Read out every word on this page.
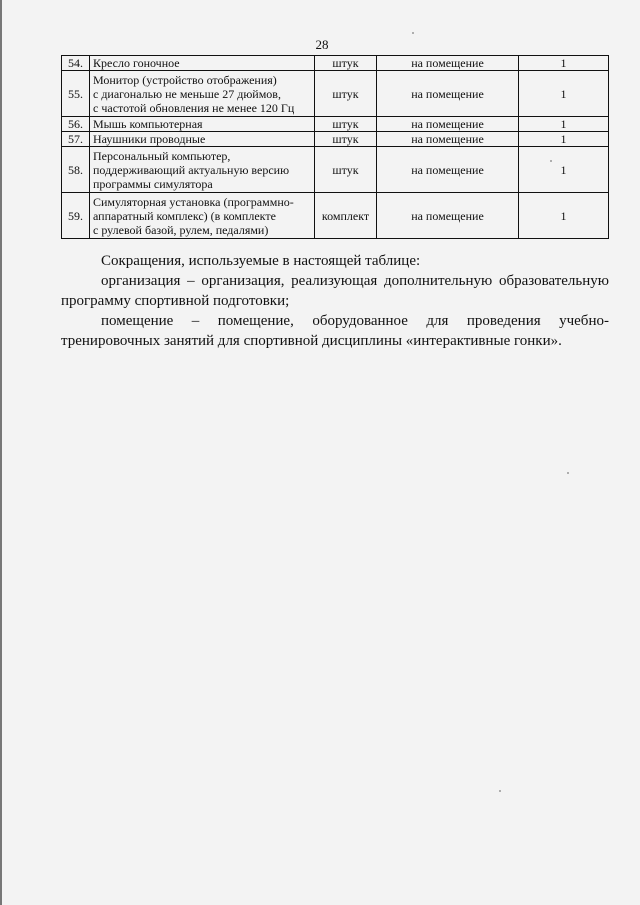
28
54.	Кресло гоночное	штук	на помещение	1
55.	Монитор (устройство отображения)
с диагональю не меньше 27 дюймов,
с частотой обновления не менее 120 Гц	штук	на помещение	1
56.	Мышь компьютерная	штук	на помещение	1
57.	Наушники проводные	штук	на помещение	1
58.	Персональный компьютер,
поддерживающий актуальную версию
программы симулятора	штук	на помещение	1
59.	Симуляторная установка (программно-
аппаратный комплекс) (в комплекте
с рулевой базой, рулем, педалями)	комплект	на помещение	1

Сокращения, используемые в настоящей таблице:

организация – организация, реализующая дополнительную образовательную программу спортивной подготовки;

помещение – помещение, оборудованное для проведения учебно-

тренировочных занятий для спортивной дисциплины «интерактивные гонки».
